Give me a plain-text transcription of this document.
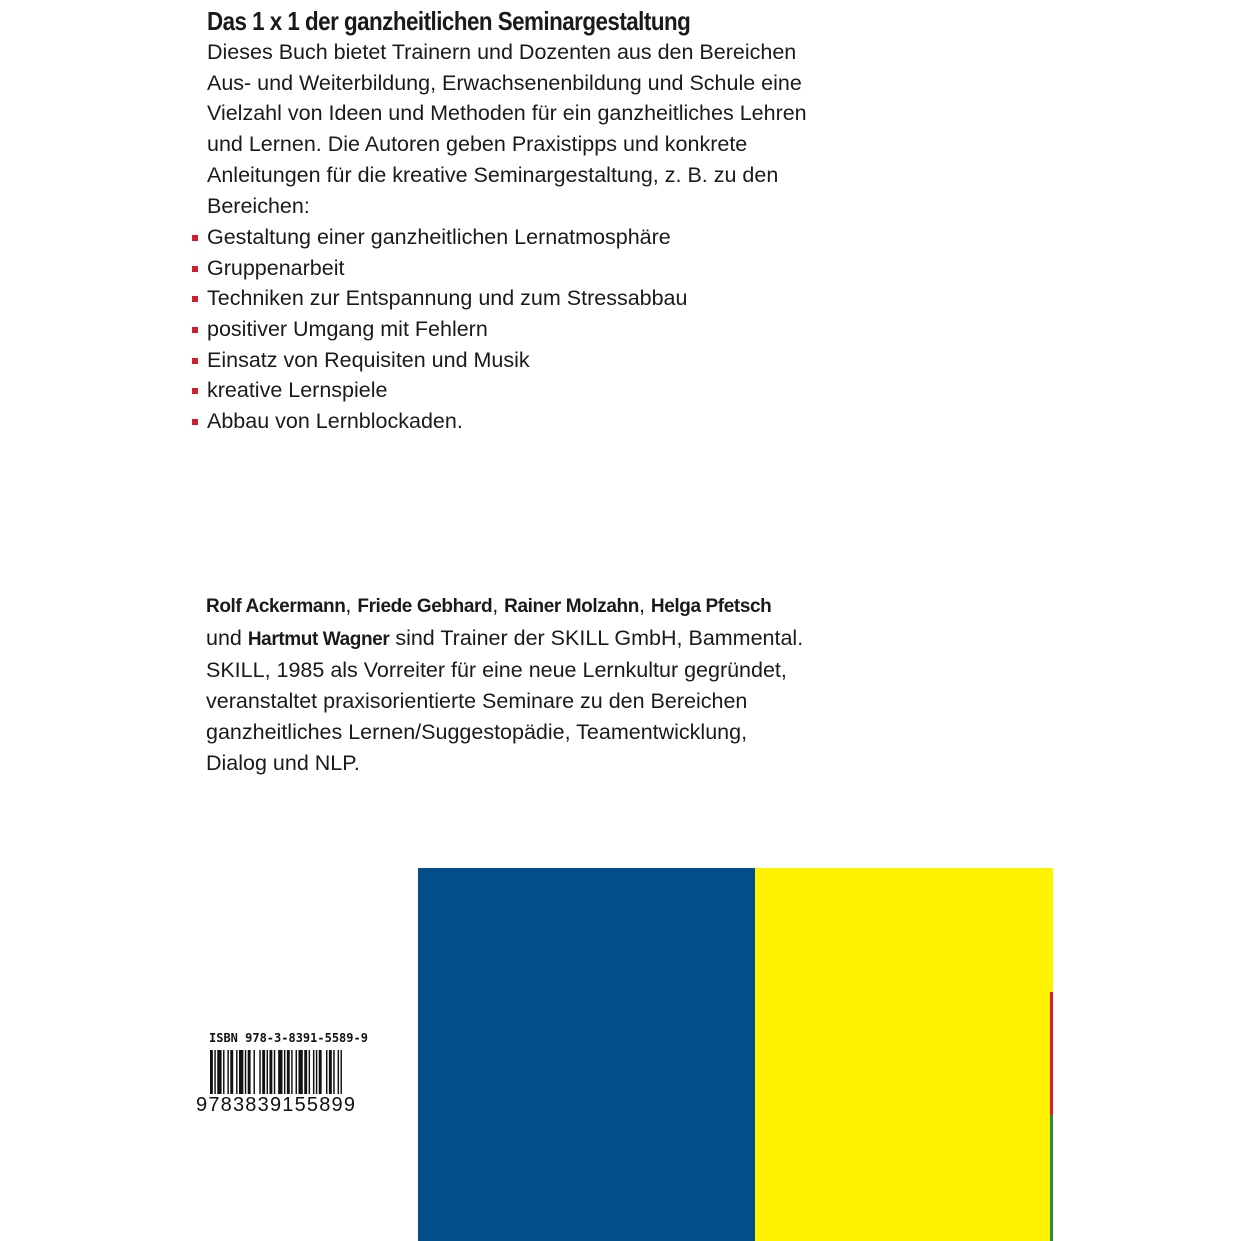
Das 1 x 1 der ganzheitlichen Seminargestaltung

Dieses Buch bietet Trainern und Dozenten aus den Bereichen Aus- und Weiterbildung, Erwachsenenbildung und Schule eine Vielzahl von Ideen und Methoden für ein ganzheitliches Lehren und Lernen. Die Autoren geben Praxistipps und konkrete Anleitungen für die kreative Seminargestaltung, z. B. zu den Bereichen:

Gestaltung einer ganzheitlichen Lernatmosphäre
Gruppenarbeit
Techniken zur Entspannung und zum Stressabbau
positiver Umgang mit Fehlern
Einsatz von Requisiten und Musik
kreative Lernspiele
Abbau von Lernblockaden.

Rolf Ackermann, Friede Gebhard, Rainer Molzahn, Helga Pfetsch und Hartmut Wagner sind Trainer der SKILL GmbH, Bammental. SKILL, 1985 als Vorreiter für eine neue Lernkultur gegründet, veranstaltet praxisorientierte Seminare zu den Bereichen ganzheitliches Lernen/Suggestopädie, Teamentwicklung, Dialog und NLP.

ISBN 978-3-8391-5589-9
9783839155899
